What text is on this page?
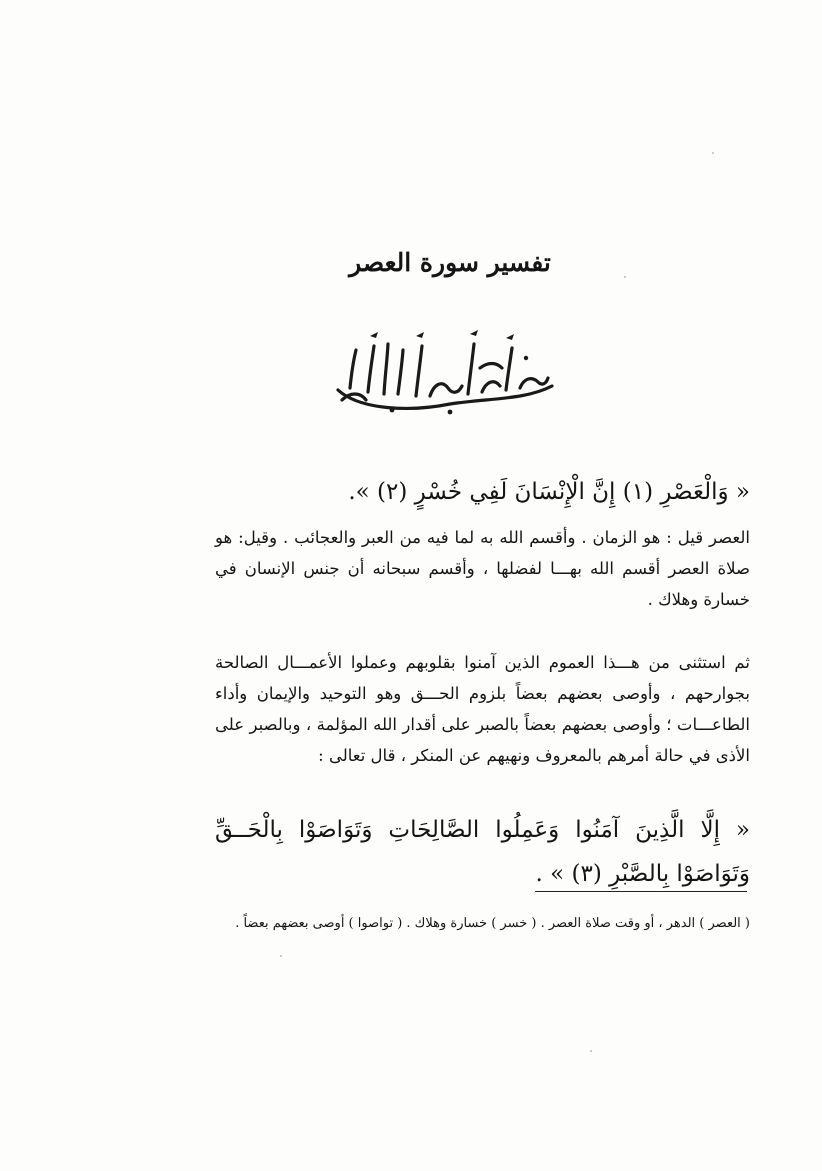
تفسير سورة العصر
« وَالْعَصْرِ (١) إِنَّ الْإِنْسَانَ لَفِي خُسْرٍ (٢) ».
العصر قيل : هو الزمان . وأقسم الله به لما فيه من العبر والعجائب . وقيل: هو صلاة العصر أقسم الله بهـــا لفضلها ، وأقسم سبحانه أن جنس الإنسان في خسارة وهلاك .
ثم استثنى من هـــذا العموم الذين آمنوا بقلوبهم وعملوا الأعمـــال الصالحة بجوارحهم ، وأوصى بعضهم بعضاً بلزوم الحـــق وهو التوحيد والإيمان وأداء الطاعـــات ؛ وأوصى بعضهم بعضاً بالصبر على أقدار الله المؤلمة ، وبالصبر على الأذى في حالة أمرهم بالمعروف ونهيهم عن المنكر ، قال تعالى :
« إِلَّا الَّذِينَ آمَنُوا وَعَمِلُوا الصَّالِحَاتِ وَتَوَاصَوْا بِالْحَــقِّ وَتَوَاصَوْا بِالصَّبْرِ (٣) » .
( العصر ) الدهر ، أو وقت صلاة العصر . ( خسر ) خسارة وهلاك . ( تواصوا ) أوصى بعضهم بعضاً .
